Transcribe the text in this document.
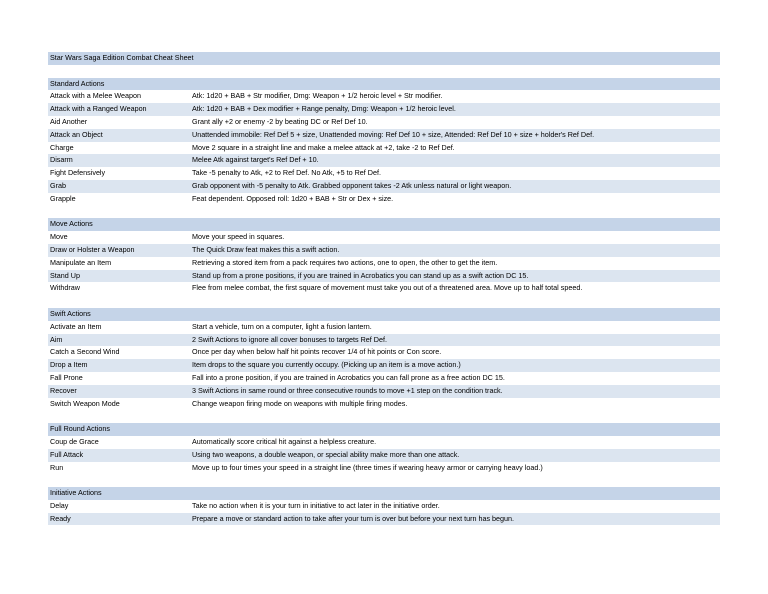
Star Wars Saga Edition Combat Cheat Sheet
Standard Actions
Attack with a Melee Weapon	Atk: 1d20 + BAB + Str modifier, Dmg: Weapon + 1/2 heroic level + Str modifier.
Attack with a Ranged Weapon	Atk: 1d20 + BAB + Dex modifier + Range penalty, Dmg: Weapon + 1/2 heroic level.
Aid Another	Grant ally +2 or enemy -2 by beating DC or Ref Def 10.
Attack an Object	Unattended immobile: Ref Def 5 + size, Unattended moving: Ref Def 10 + size, Attended: Ref Def 10 + size + holder's Ref Def.
Charge	Move 2 square in a straight line and make a melee attack at +2, take -2 to Ref Def.
Disarm	Melee Atk against target's Ref Def + 10.
Fight Defensively	Take -5 penalty to Atk, +2 to Ref Def. No Atk, +5 to Ref Def.
Grab	Grab opponent with -5 penalty to Atk. Grabbed opponent takes -2 Atk unless natural or light weapon.
Grapple	Feat dependent. Opposed roll: 1d20 + BAB + Str or Dex + size.
Move Actions
Move	Move your speed in squares.
Draw or Holster a Weapon	The Quick Draw feat makes this a swift action.
Manipulate an Item	Retrieving a stored item from a pack requires two actions, one to open, the other to get the item.
Stand Up	Stand up from a prone positions, if you are trained in Acrobatics you can stand up as a swift action DC 15.
Withdraw	Flee from melee combat, the first square of movement must take you out of a threatened area. Move up to half total speed.
Swift Actions
Activate an Item	Start a vehicle, turn on a computer, light a fusion lantern.
Aim	2 Swift Actions to ignore all cover bonuses to targets Ref Def.
Catch a Second Wind	Once per day when below half hit points recover 1/4 of hit points or Con score.
Drop a Item	Item drops to the square you currently occupy. (Picking up an item is a move action.)
Fall Prone	Fall into a prone position, if you are trained in Acrobatics you can fall prone as a free action DC 15.
Recover	3 Swift Actions in same round or three consecutive rounds to move +1 step on the condition track.
Switch Weapon Mode	Change weapon firing mode on weapons with multiple firing modes.
Full Round Actions
Coup de Grace	Automatically score critical hit against a helpless creature.
Full Attack	Using two weapons, a double weapon, or special ability make more than one attack.
Run	Move up to four times your speed in a straight line (three times if wearing heavy armor or carrying heavy load.)
Initiative Actions
Delay	Take no action when it is your turn in initiative to act later in the initiative order.
Ready	Prepare a move or standard action to take after your turn is over but before your next turn has begun.
